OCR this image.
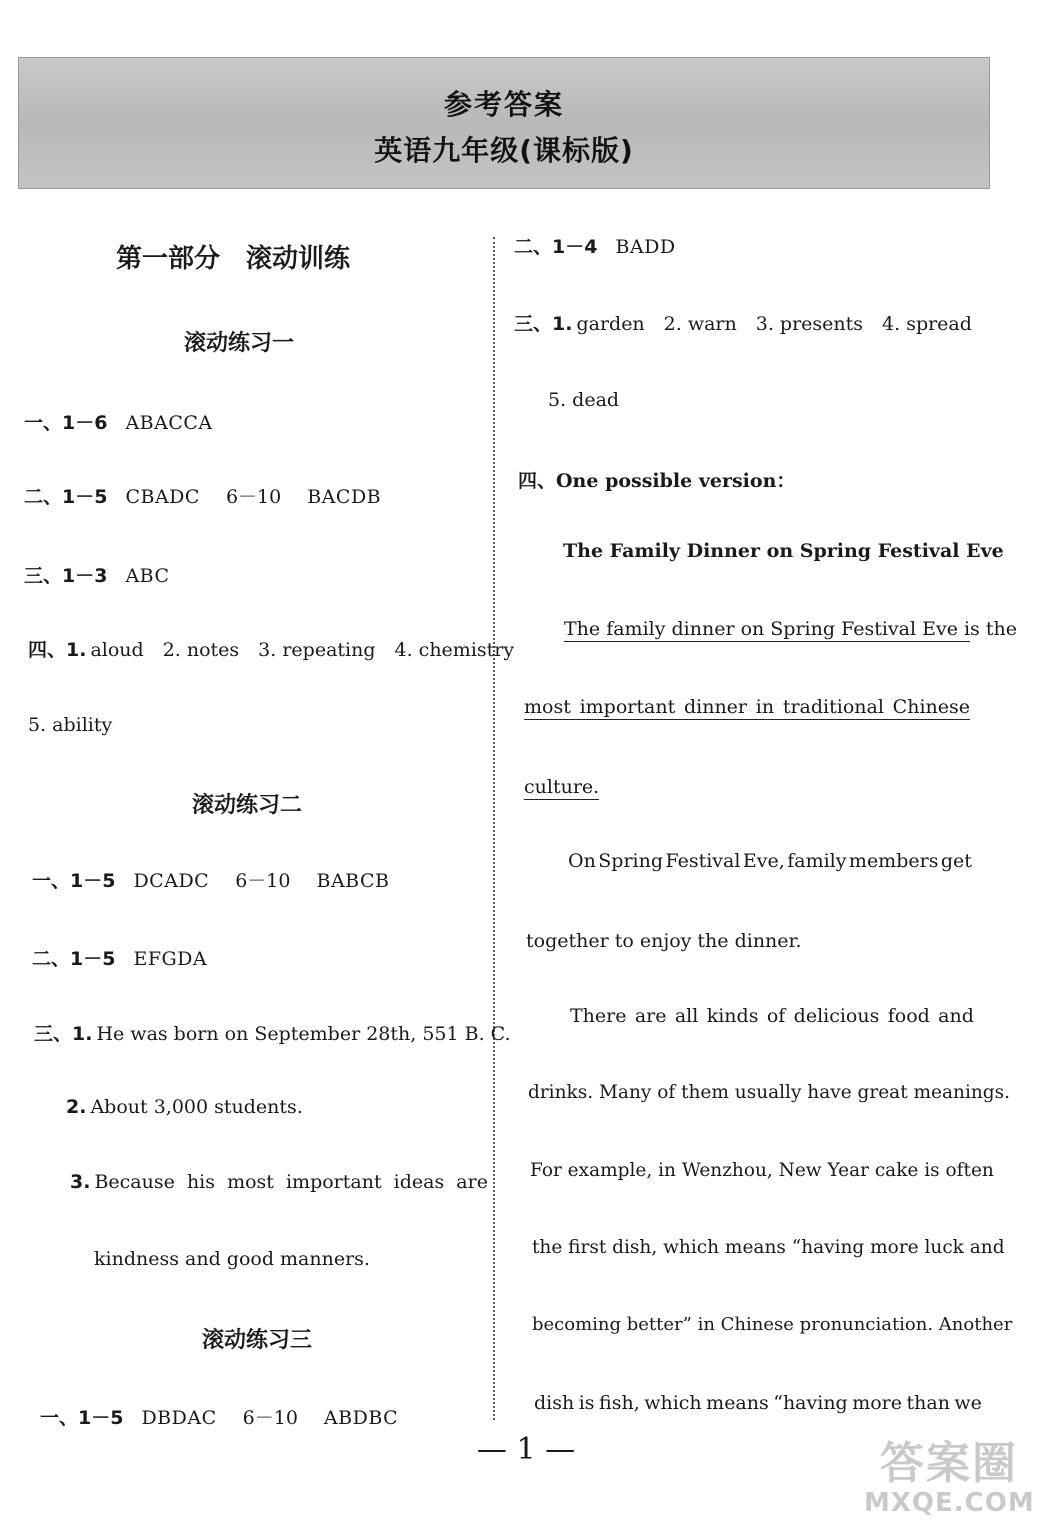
参考答案
英语九年级(课标版)
第一部分　滚动训练
滚动练习一
一、1－6 ABACCA
二、1－5 CBADC 6－10 BACDB
三、1－3 ABC
四、1. aloud　2. notes　3. repeating　4. chemistry
5. ability
滚动练习二
一、1－5 DCADC 6－10 BABCB
二、1－5 EFGDA
三、1. He was born on September 28th, 551 B. C.
2. About 3,000 students.
3. Because his most important ideas are
kindness and good manners.
滚动练习三
一、1－5 DBDAC 6－10 ABDBC
二、1－4 BADD
三、1. garden　2. warn　3. presents　4. spread
5. dead
四、One possible version：
The Family Dinner on Spring Festival Eve
The family dinner on Spring Festival Eve is the
most important dinner in traditional Chinese
culture.
On Spring Festival Eve, family members get
together to enjoy the dinner.
There are all kinds of delicious food and
drinks. Many of them usually have great meanings.
For example, in Wenzhou, New Year cake is often
the first dish, which means “having more luck and
becoming better” in Chinese pronunciation. Another
dish is fish, which means “having more than we
— 1 —	答案圈
MXQE.COM
